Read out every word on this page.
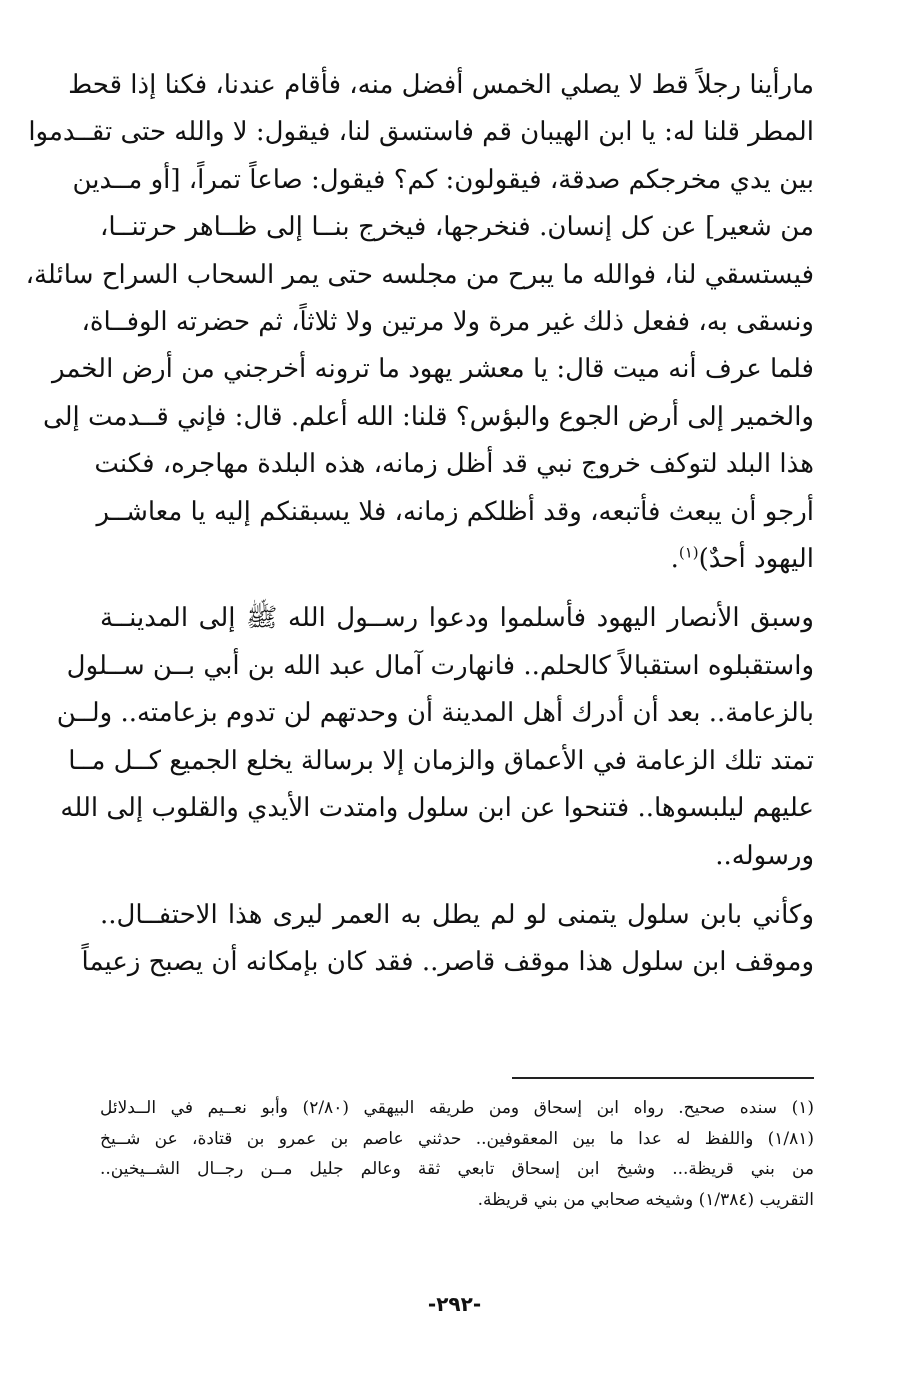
مارأينا رجلاً قط لا يصلي الخمس أفضل منه، فأقام عندنا، فكنا إذا قحط
المطر قلنا له: يا ابن الهيبان قم فاستسق لنا، فيقول: لا والله حتى تقــدموا
بين يدي مخرجكم صدقة، فيقولون: كم؟ فيقول: صاعاً تمراً، [أو مــدين
من شعير] عن كل إنسان. فنخرجها، فيخرج بنــا إلى ظــاهر حرتنــا،
فيستسقي لنا، فوالله ما يبرح من مجلسه حتى يمر السحاب السراح سائلة،
ونسقى به، ففعل ذلك غير مرة ولا مرتين ولا ثلاثاً، ثم حضرته الوفــاة،
فلما عرف أنه ميت قال: يا معشر يهود ما ترونه أخرجني من أرض الخمر
والخمير إلى أرض الجوع والبؤس؟ قلنا: الله أعلم. قال: فإني قــدمت إلى
هذا البلد لتوكف خروج نبي قد أظل زمانه، هذه البلدة مهاجره، فكنت
أرجو أن يبعث فأتبعه، وقد أظلكم زمانه، فلا يسبقنكم إليه يا معاشــر
اليهود أحدٌ)$^{(١)}$.

وسبق الأنصار اليهود فأسلموا ودعوا رســول الله ﷺ إلى المدينــة
واستقبلوه استقبالاً كالحلم.. فانهارت آمال عبد الله بن أبي بــن ســلول
بالزعامة.. بعد أن أدرك أهل المدينة أن وحدتهم لن تدوم بزعامته.. ولــن
تمتد تلك الزعامة في الأعماق والزمان إلا برسالة يخلع الجميع كــل مــا
عليهم ليلبسوها.. فتنحوا عن ابن سلول وامتدت الأيدي والقلوب إلى الله
ورسوله..

وكأني بابن سلول يتمنى لو لم يطل به العمر ليرى هذا الاحتفــال..
وموقف ابن سلول هذا موقف قاصر.. فقد كان بإمكانه أن يصبح زعيماً

(١) سنده صحيح. رواه ابن إسحاق ومن طريقه البيهقي (٢/٨٠) وأبو نعــيم في الــدلائل
(١/٨١) واللفظ له عدا ما بين المعقوفين.. حدثني عاصم بن عمرو بن قتادة، عن شــيخ
من بني قريظة... وشيخ ابن إسحاق تابعي ثقة وعالم جليل مــن رجــال الشــيخين..
التقريب (١/٣٨٤) وشيخه صحابي من بني قريظة.
-٢٩٢-
